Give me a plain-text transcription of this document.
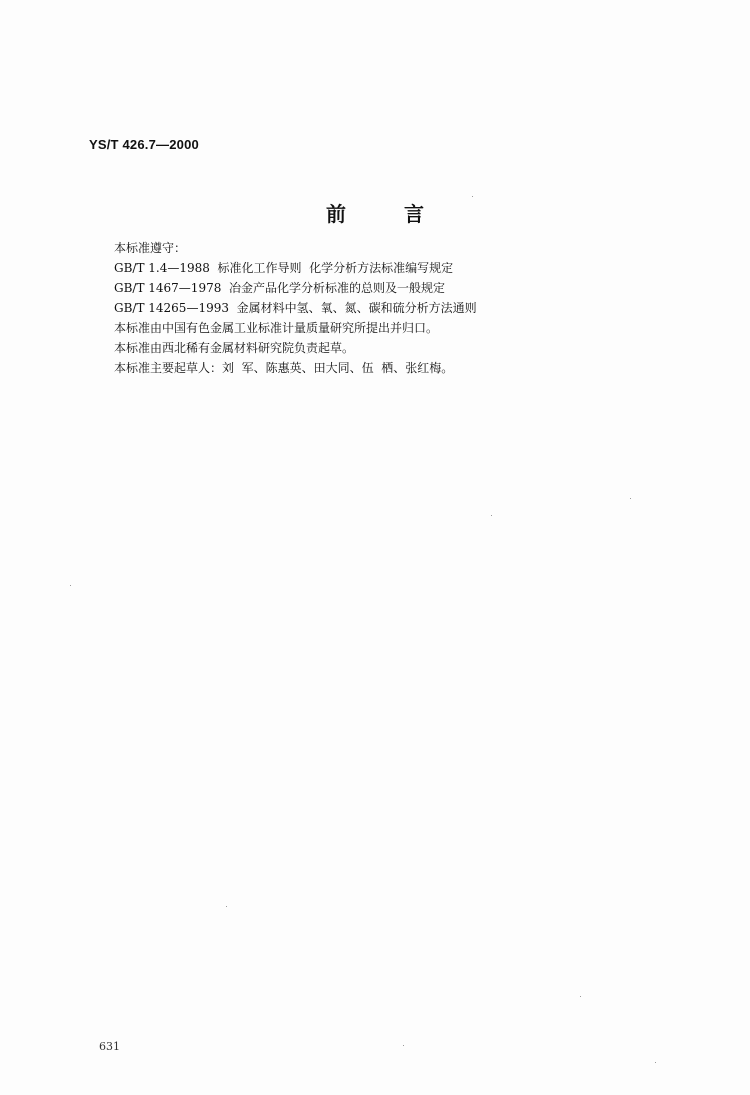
YS/T 426.7—2000
前	言
本标准遵守：
GB/T 1.4—1988  标准化工作导则  化学分析方法标准编写规定
GB/T 1467—1978  冶金产品化学分析标准的总则及一般规定
GB/T 14265—1993  金属材料中氢、氧、氮、碳和硫分析方法通则
本标准由中国有色金属工业标准计量质量研究所提出并归口。
本标准由西北稀有金属材料研究院负责起草。
本标准主要起草人：刘  军、陈惠英、田大同、伍  栖、张红梅。
631
